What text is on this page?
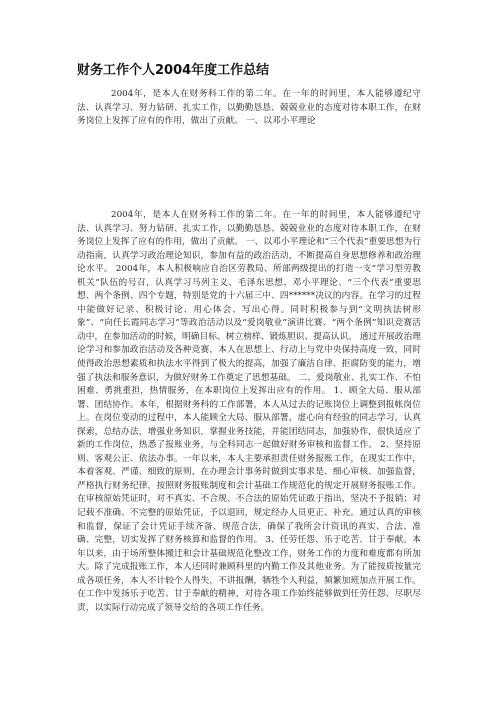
财务工作个人2004年度工作总结
2004年，是本人在财务科工作的第二年。在一年的时间里，本人能够遵纪守法、认真学习、努力钻研、扎实工作，以勤勤恳恳、兢兢业业的态度对待本职工作，在财务岗位上发挥了应有的作用，做出了贡献。 一、以邓小平理论
2004年，是本人在财务科工作的第二年。在一年的时间里，本人能够遵纪守法、认真学习、努力钻研、扎实工作，以勤勤恳恳、兢兢业业的态度对待本职工作，在财务岗位上发挥了应有的作用，做出了贡献。 一、以邓小平理论和“三个代表”重要思想为行动指南，认真学习政治理论知识，参加有益的政治活动，不断提高自身思想修养和政治理论水平。 2004年，本人积极响应自治区劳教局、所部两级提出的打造一支“学习型劳教机关”队伍的号召，认真学习马列主义、毛泽东思想、邓小平理论、“三个代表”重要思想、两个条例、四个专题，特别是党的十六届三中、四******决议的内容。在学习的过程中能做好记录、积极讨论、用心体会、写出心得。同时积极参与到“文明执法树形象”、“向任长霞同志学习”等政治活动以及“爱岗敬业”演讲比赛、“两个条例”知识竞赛活动中，在参加活动的时候，明确目标、树立榜样、锻炼胆识、提高认识。 通过开展政治理论学习和参加政治活动及各种竞赛，本人在思想上、行动上与党中央保持高度一致，同时使得政治思想素质和执法水平得到了极大的提高，加强了廉洁自律、拒腐防变的能力，增强了执法和服务意识，为做好财务工作奠定了思想基础。 二、爱岗敬业、扎实工作、不怕困难、勇挑重担，热情服务，在本职岗位上发挥出应有的作用。 1、顾全大局、服从部署、团结协作。本年，根据财务科的工作部署，本人从过去的记账岗位上调整到报帐岗位上。在岗位变动的过程中，本人能顾全大局、服从部署，虚心向有经验的同志学习，认真探索，总结办法，增强业务知识，掌握业务技能，并能团结同志，加强协作，很快适应了新的工作岗位，热悉了报账业务，与全科同志一起做好财务审核和监督工作。 2、坚持原则、客观公正、依法办事。一年以来，本人主要承担责任财务报账工作，在现实工作中，本着客观、严谨、细致的原则，在办理会计事务时做到实事求是、细心审核、加强监督，严格执行财务纪律，按照财务报账制度和会计基础工作规范化的规定开展财务报账工作。在审核原始凭证时，对不真实、不合规、不合法的原始凭证敢于指出，坚决不予报销；对记载不准确、不完整的原始凭证，予以退回，规定经办人员更正、补充。通过认真的审核和监督，保证了会计凭证手续齐备、规范合法，确保了我所会计资讯的真实、合法、准确、完整，切实发挥了财务核算和监督的作用。 3、任劳任怨、乐于吃苦、甘于奉献。本年以来，由于场所整体搬迁和会计基础规范化整改工作，财务工作的力度和难度都有所加大。除了完成报账工作，本人还同时兼顾科里的内勤工作及其他业务。为了能按质按量完成各项任务，本人不计较个人得失，不讲报酬，牺牲个人利益，频繁加班加点开展工作。在工作中发扬乐于吃苦、甘于奉献的精神，对待各项工作始终能够做到任劳任怨、尽职尽责，以实际行动完成了领导交给的各项工作任务。
